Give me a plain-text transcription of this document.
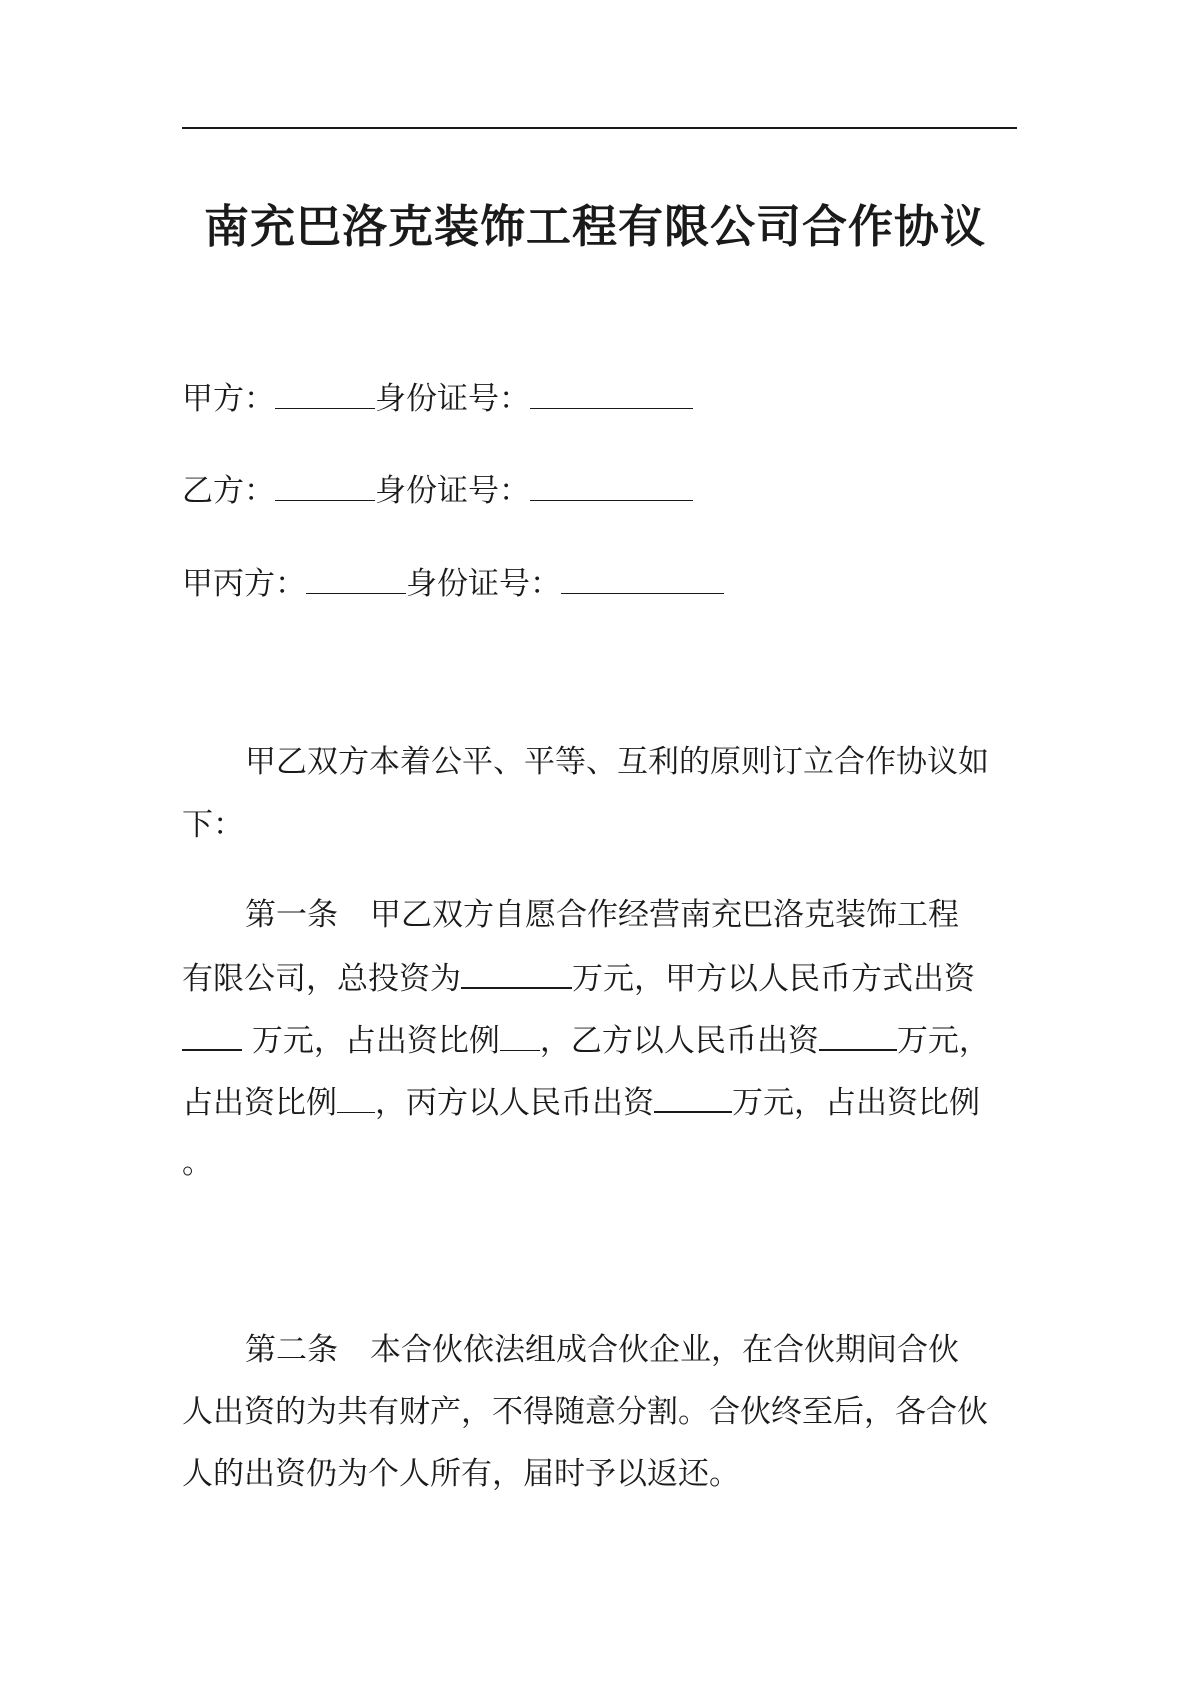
南充巴洛克装饰工程有限公司合作协议
甲方：	身份证号：
乙方：	身份证号：
甲丙方：	身份证号：
甲乙双方本着公平、平等、互利的原则订立合作协议如
下：
第一条 甲乙双方自愿合作经营南充巴洛克装饰工程
有限公司，总投资为	万元，甲方以人民币方式出资
万元，占出资比例 ，乙方以人民币出资	万元，
占出资比例 ，丙方以人民币出资	万元，占出资比例
。
第二条 本合伙依法组成合伙企业，在合伙期间合伙
人出资的为共有财产，不得随意分割。合伙终至后，各合伙
人的出资仍为个人所有，届时予以返还。
